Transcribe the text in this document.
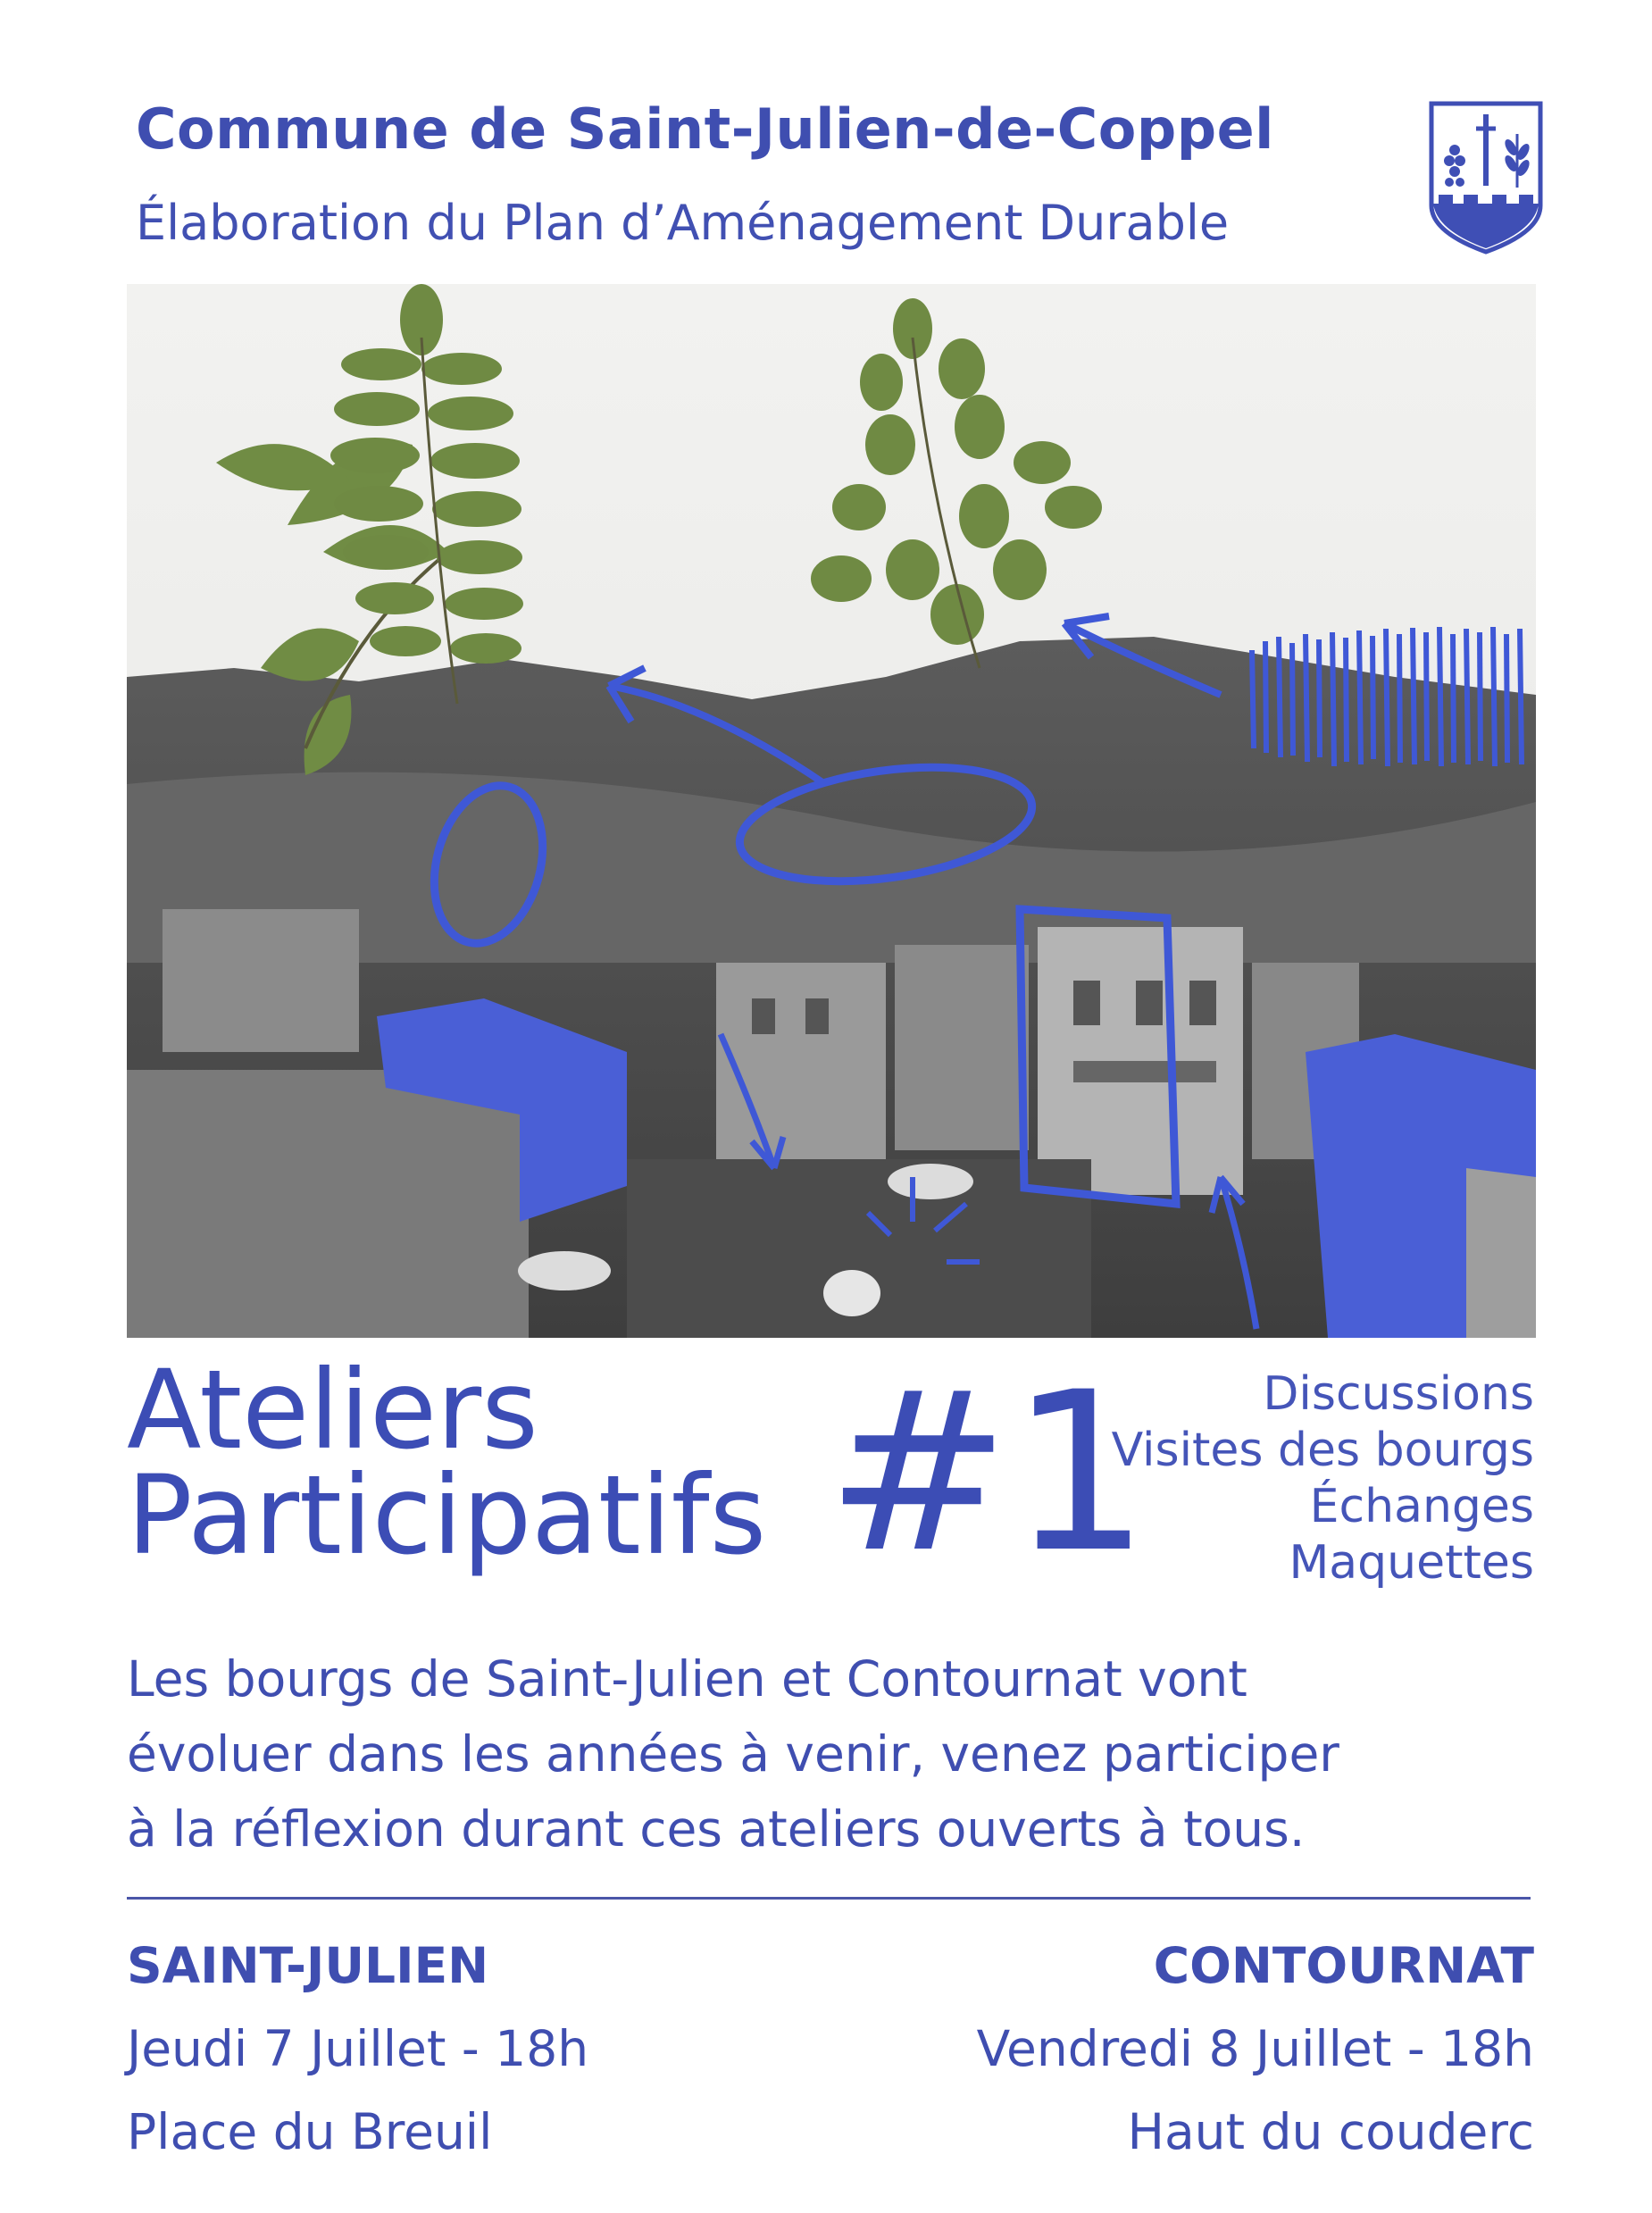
Commune de Saint-Julien-de-Coppel
Élaboration du Plan d’Aménagement Durable
Ateliers
Participatifs #1	Discussions
Visites des bourgs
Échanges
Maquettes
Les bourgs de Saint-Julien et Contournat vont
évoluer dans les années à venir, venez participer
à la réflexion durant ces ateliers ouverts à tous.
SAINT-JULIEN
Jeudi 7 Juillet - 18h
Place du Breuil
CONTOURNAT
Vendredi 8 Juillet - 18h
Haut du couderc
